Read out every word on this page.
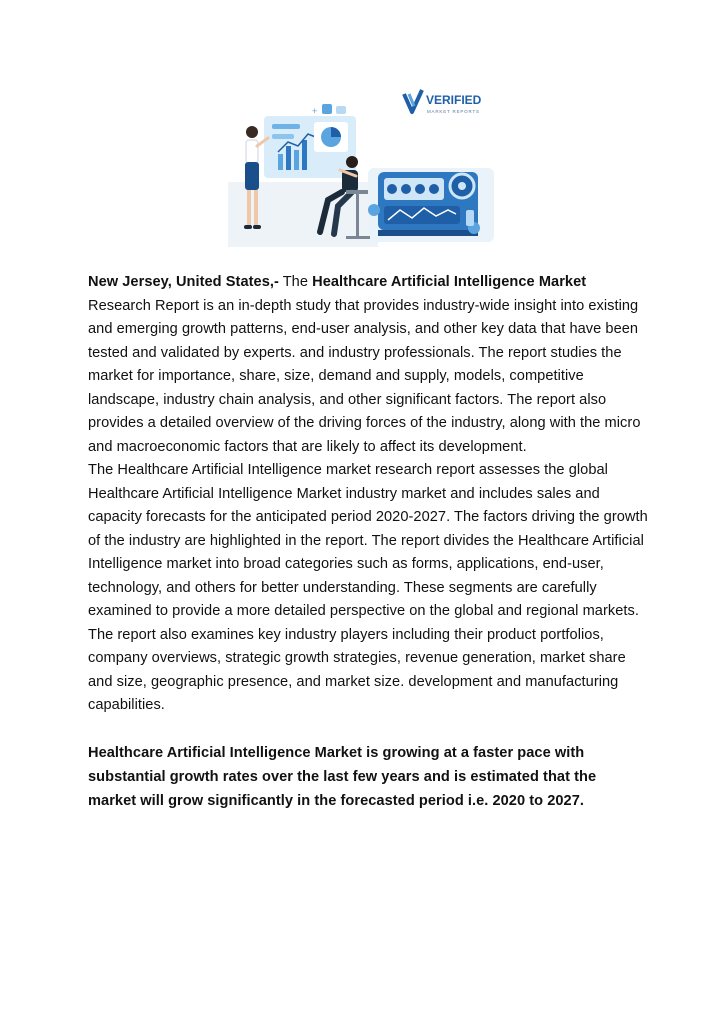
VERIFIED
MARKET REPORTS
+

New Jersey, United States,- The Healthcare Artificial Intelligence Market Research Report is an in-depth study that provides industry-wide insight into existing and emerging growth patterns, end-user analysis, and other key data that have been tested and validated by experts. and industry professionals. The report studies the market for importance, share, size, demand and supply, models, competitive landscape, industry chain analysis, and other significant factors. The report also provides a detailed overview of the driving forces of the industry, along with the micro and macroeconomic factors that are likely to affect its development.

The Healthcare Artificial Intelligence market research report assesses the global Healthcare Artificial Intelligence Market industry market and includes sales and capacity forecasts for the anticipated period 2020-2027. The factors driving the growth of the industry are highlighted in the report. The report divides the Healthcare Artificial Intelligence market into broad categories such as forms, applications, end-user, technology, and others for better understanding. These segments are carefully examined to provide a more detailed perspective on the global and regional markets. The report also examines key industry players including their product portfolios, company overviews, strategic growth strategies, revenue generation, market share and size, geographic presence, and market size. development and manufacturing capabilities.

Healthcare Artificial Intelligence Market is growing at a faster pace with substantial growth rates over the last few years and is estimated that the market will grow significantly in the forecasted period i.e. 2020 to 2027.
